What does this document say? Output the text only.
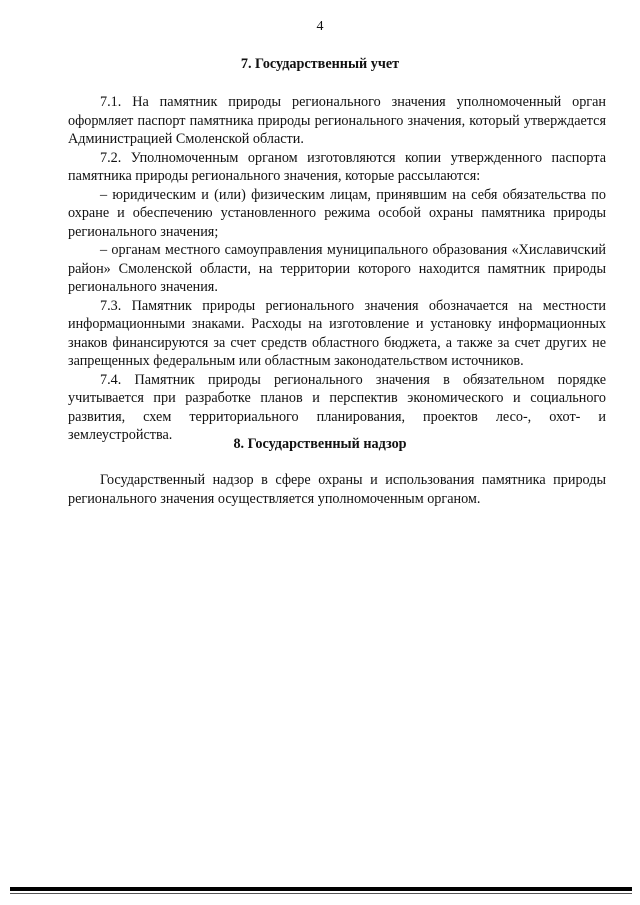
4
7. Государственный учет

7.1. На памятник природы регионального значения уполномоченный орган оформляет паспорт памятника природы регионального значения, который утверждается Администрацией Смоленской области.

7.2. Уполномоченным органом изготовляются копии утвержденного паспорта памятника природы регионального значения, которые рассылаются:

– юридическим и (или) физическим лицам, принявшим на себя обязательства по охране и обеспечению установленного режима особой охраны памятника природы регионального значения;

– органам местного самоуправления муниципального образования «Хиславичский район» Смоленской области, на территории которого находится памятник природы регионального значения.

7.3. Памятник природы регионального значения обозначается на местности информационными знаками. Расходы на изготовление и установку информационных знаков финансируются за счет средств областного бюджета, а также за счет других не запрещенных федеральным или областным законодательством источников.

7.4. Памятник природы регионального значения в обязательном порядке учитывается при разработке планов и перспектив экономического и социального развития, схем территориального планирования, проектов лесо-, охот- и землеустройства.

8. Государственный надзор

Государственный надзор в сфере охраны и использования памятника природы регионального значения осуществляется уполномоченным органом.
